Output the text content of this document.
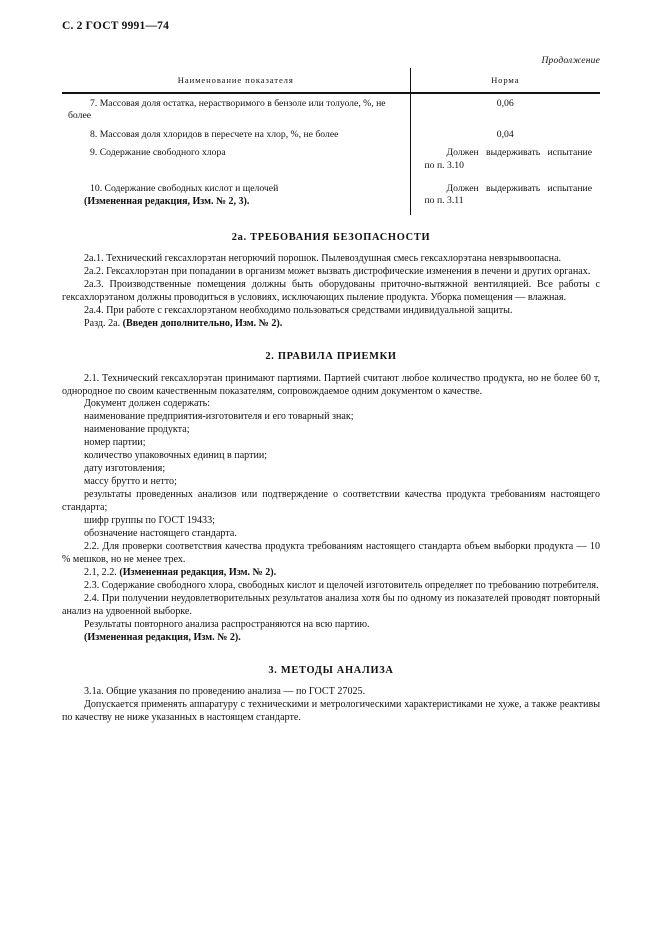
С. 2 ГОСТ 9991—74
Продолжение

Наименование показателя	Норма
7. Массовая доля остатка, нерастворимого в бензоле или толуоле, %, не более	0,06
8. Массовая доля хлоридов в пересчете на хлор, %, не более	0,04
9. Содержание свободного хлора	Должен выдерживать испытание по п. 3.10
10. Содержание свободных кислот и щелочей	Должен выдерживать испытание по п. 3.11
(Измененная редакция, Изм. № 2, 3).
2а. ТРЕБОВАНИЯ БЕЗОПАСНОСТИ

2а.1. Технический гексахлорэтан негорючий порошок. Пылевоздушная смесь гексахлорэтана невзрывоопасна.

2а.2. Гексахлорэтан при попадании в организм может вызвать дистрофические изменения в печени и других органах.

2а.3. Производственные помещения должны быть оборудованы приточно-вытяжной вентиляцией. Все работы с гексахлорэтаном должны проводиться в условиях, исключающих пыление продукта. Уборка помещения — влажная.

2а.4. При работе с гексахлорэтаном необходимо пользоваться средствами индивидуальной защиты.

Разд. 2а. (Введен дополнительно, Изм. № 2).

2. ПРАВИЛА ПРИЕМКИ

2.1. Технический гексахлорэтан принимают партиями. Партией считают любое количество продукта, но не более 60 т, однородное по своим качественным показателям, сопровождаемое одним документом о качестве.

Документ должен содержать:

наименование предприятия-изготовителя и его товарный знак;

наименование продукта;

номер партии;

количество упаковочных единиц в партии;

дату изготовления;

массу брутто и нетто;

результаты проведенных анализов или подтверждение о соответствии качества продукта требованиям настоящего стандарта;

шифр группы по ГОСТ 19433;

обозначение настоящего стандарта.

2.2. Для проверки соответствия качества продукта требованиям настоящего стандарта объем выборки продукта — 10 % мешков, но не менее трех.

2.1, 2.2. (Измененная редакция, Изм. № 2).

2.3. Содержание свободного хлора, свободных кислот и щелочей изготовитель определяет по требованию потребителя.

2.4. При получении неудовлетворительных результатов анализа хотя бы по одному из показателей проводят повторный анализ на удвоенной выборке.

Результаты повторного анализа распространяются на всю партию.

(Измененная редакция, Изм. № 2).

3. МЕТОДЫ АНАЛИЗА

3.1а. Общие указания по проведению анализа — по ГОСТ 27025.

Допускается применять аппаратуру с техническими и метрологическими характеристиками не хуже, а также реактивы по качеству не ниже указанных в настоящем стандарте.
